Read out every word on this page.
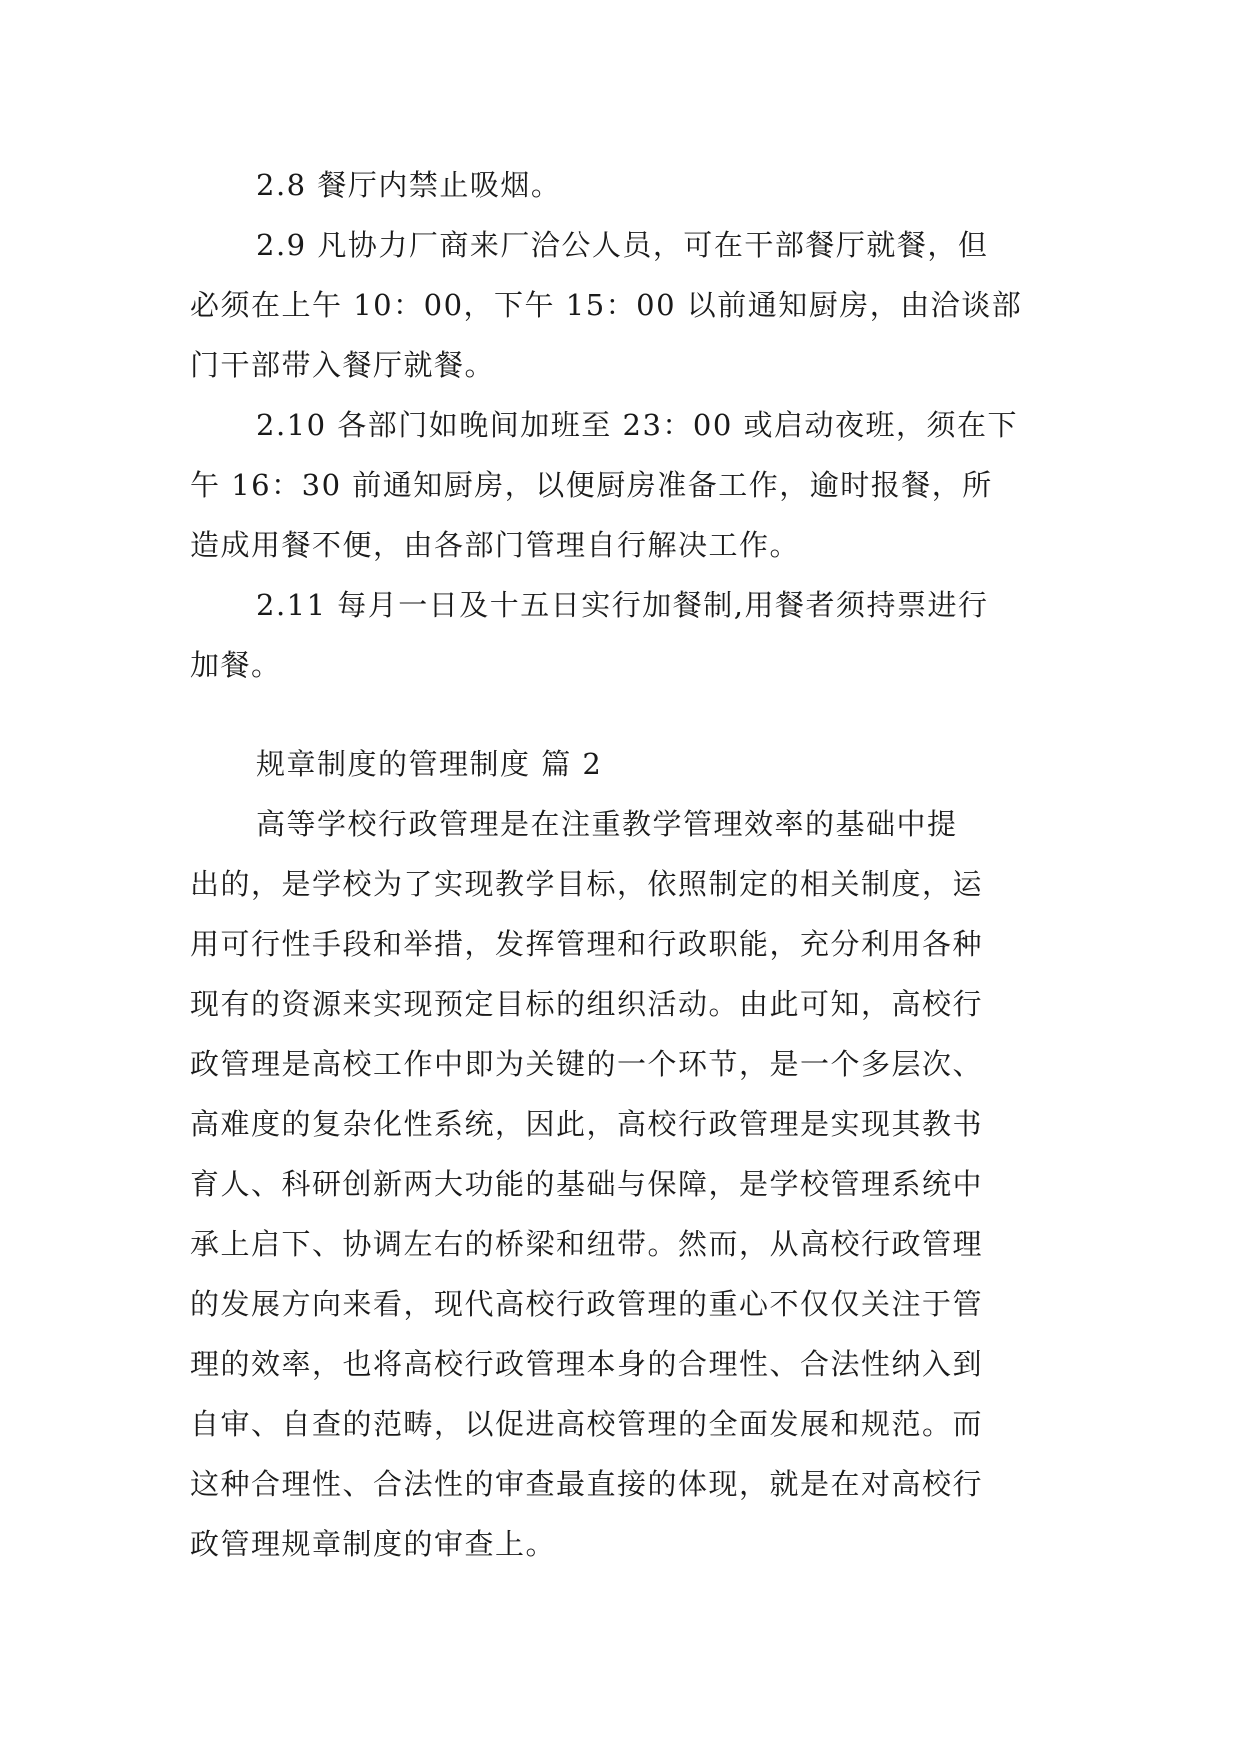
2.8 餐厅内禁止吸烟。
2.9 凡协力厂商来厂洽公人员，可在干部餐厅就餐，但
必须在上午 10：00，下午 15：00 以前通知厨房，由洽谈部
门干部带入餐厅就餐。
2.10 各部门如晚间加班至 23：00 或启动夜班，须在下
午 16：30 前通知厨房，以便厨房准备工作，逾时报餐，所
造成用餐不便，由各部门管理自行解决工作。
2.11 每月一日及十五日实行加餐制,用餐者须持票进行
加餐。
规章制度的管理制度 篇 2
高等学校行政管理是在注重教学管理效率的基础中提
出的，是学校为了实现教学目标，依照制定的相关制度，运
用可行性手段和举措，发挥管理和行政职能，充分利用各种
现有的资源来实现预定目标的组织活动。由此可知，高校行
政管理是高校工作中即为关键的一个环节，是一个多层次、
高难度的复杂化性系统，因此，高校行政管理是实现其教书
育人、科研创新两大功能的基础与保障，是学校管理系统中
承上启下、协调左右的桥梁和纽带。然而，从高校行政管理
的发展方向来看，现代高校行政管理的重心不仅仅关注于管
理的效率，也将高校行政管理本身的合理性、合法性纳入到
自审、自查的范畴，以促进高校管理的全面发展和规范。而
这种合理性、合法性的审查最直接的体现，就是在对高校行
政管理规章制度的审查上。
